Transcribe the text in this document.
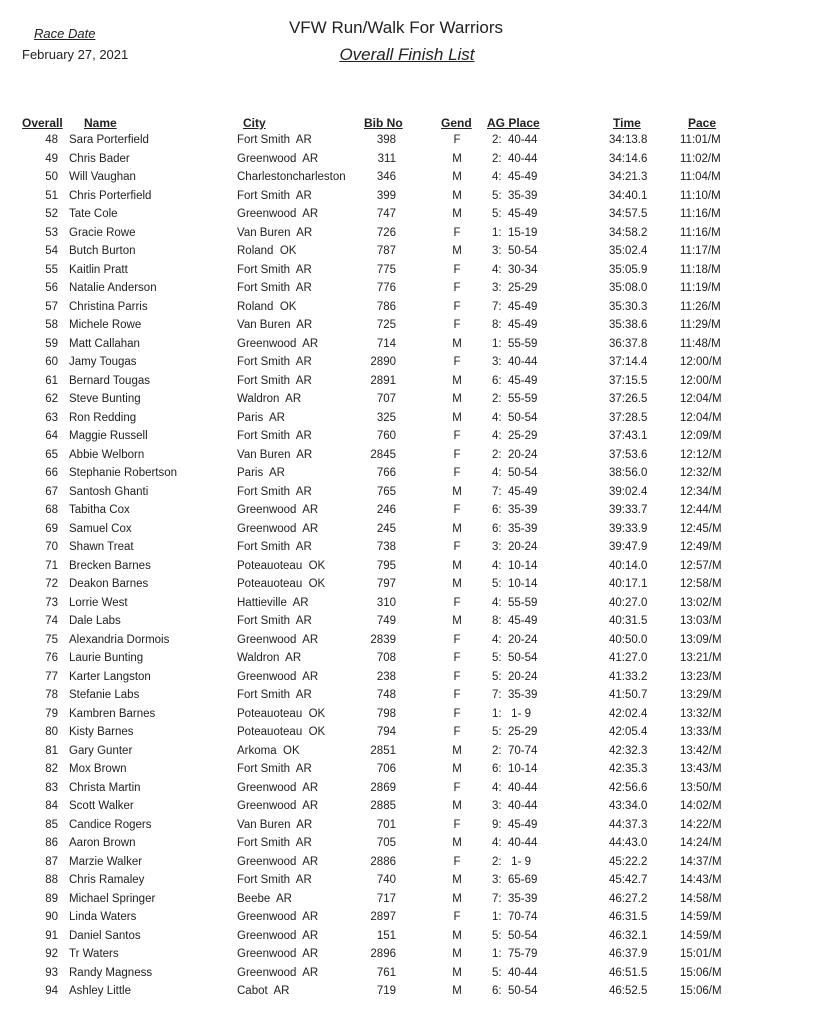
Race Date
February 27, 2021
VFW Run/Walk For Warriors
Overall Finish List
Overall Name	City	Bib No	Gend AG Place	Time	Pace
48 Sara Porterfield	Fort Smith  AR	398	F	2:  40-44	34:13.8	11:01/M
49 Chris Bader	Greenwood  AR	311	M	2:  40-44	34:14.6	11:02/M
50 Will Vaughan	Charlestoncharleston	346	M	4:  45-49	34:21.3	11:04/M
51 Chris Porterfield	Fort Smith  AR	399	M	5:  35-39	34:40.1	11:10/M
52 Tate Cole	Greenwood  AR	747	M	5:  45-49	34:57.5	11:16/M
53 Gracie Rowe	Van Buren  AR	726	F	1:  15-19	34:58.2	11:16/M
54 Butch Burton	Roland  OK	787	M	3:  50-54	35:02.4	11:17/M
55 Kaitlin Pratt	Fort Smith  AR	775	F	4:  30-34	35:05.9	11:18/M
56 Natalie Anderson	Fort Smith  AR	776	F	3:  25-29	35:08.0	11:19/M
57 Christina Parris	Roland  OK	786	F	7:  45-49	35:30.3	11:26/M
58 Michele Rowe	Van Buren  AR	725	F	8:  45-49	35:38.6	11:29/M
59 Matt Callahan	Greenwood  AR	714	M	1:  55-59	36:37.8	11:48/M
60 Jamy Tougas	Fort Smith  AR	2890	F	3:  40-44	37:14.4	12:00/M
61 Bernard Tougas	Fort Smith  AR	2891	M	6:  45-49	37:15.5	12:00/M
62 Steve Bunting	Waldron  AR	707	M	2:  55-59	37:26.5	12:04/M
63 Ron Redding	Paris  AR	325	M	4:  50-54	37:28.5	12:04/M
64 Maggie Russell	Fort Smith  AR	760	F	4:  25-29	37:43.1	12:09/M
65 Abbie Welborn	Van Buren  AR	2845	F	2:  20-24	37:53.6	12:12/M
66 Stephanie Robertson	Paris  AR	766	F	4:  50-54	38:56.0	12:32/M
67 Santosh Ghanti	Fort Smith  AR	765	M	7:  45-49	39:02.4	12:34/M
68 Tabitha Cox	Greenwood  AR	246	F	6:  35-39	39:33.7	12:44/M
69 Samuel Cox	Greenwood  AR	245	M	6:  35-39	39:33.9	12:45/M
70 Shawn Treat	Fort Smith  AR	738	F	3:  20-24	39:47.9	12:49/M
71 Brecken Barnes	Poteauoteau  OK	795	M	4:  10-14	40:14.0	12:57/M
72 Deakon Barnes	Poteauoteau  OK	797	M	5:  10-14	40:17.1	12:58/M
73 Lorrie West	Hattieville  AR	310	F	4:  55-59	40:27.0	13:02/M
74 Dale Labs	Fort Smith  AR	749	M	8:  45-49	40:31.5	13:03/M
75 Alexandria Dormois	Greenwood  AR	2839	F	4:  20-24	40:50.0	13:09/M
76 Laurie Bunting	Waldron  AR	708	F	5:  50-54	41:27.0	13:21/M
77 Karter Langston	Greenwood  AR	238	F	5:  20-24	41:33.2	13:23/M
78 Stefanie Labs	Fort Smith  AR	748	F	7:  35-39	41:50.7	13:29/M
79 Kambren Barnes	Poteauoteau  OK	798	F	1:   1- 9	42:02.4	13:32/M
80 Kisty Barnes	Poteauoteau  OK	794	F	5:  25-29	42:05.4	13:33/M
81 Gary Gunter	Arkoma  OK	2851	M	2:  70-74	42:32.3	13:42/M
82 Mox Brown	Fort Smith  AR	706	M	6:  10-14	42:35.3	13:43/M
83 Christa Martin	Greenwood  AR	2869	F	4:  40-44	42:56.6	13:50/M
84 Scott Walker	Greenwood  AR	2885	M	3:  40-44	43:34.0	14:02/M
85 Candice Rogers	Van Buren  AR	701	F	9:  45-49	44:37.3	14:22/M
86 Aaron Brown	Fort Smith  AR	705	M	4:  40-44	44:43.0	14:24/M
87 Marzie Walker	Greenwood  AR	2886	F	2:   1- 9	45:22.2	14:37/M
88 Chris Ramaley	Fort Smith  AR	740	M	3:  65-69	45:42.7	14:43/M
89 Michael Springer	Beebe  AR	717	M	7:  35-39	46:27.2	14:58/M
90 Linda Waters	Greenwood  AR	2897	F	1:  70-74	46:31.5	14:59/M
91 Daniel Santos	Greenwood  AR	151	M	5:  50-54	46:32.1	14:59/M
92 Tr Waters	Greenwood  AR	2896	M	1:  75-79	46:37.9	15:01/M
93 Randy Magness	Greenwood  AR	761	M	5:  40-44	46:51.5	15:06/M
94 Ashley Little	Cabot  AR	719	M	6:  50-54	46:52.5	15:06/M
